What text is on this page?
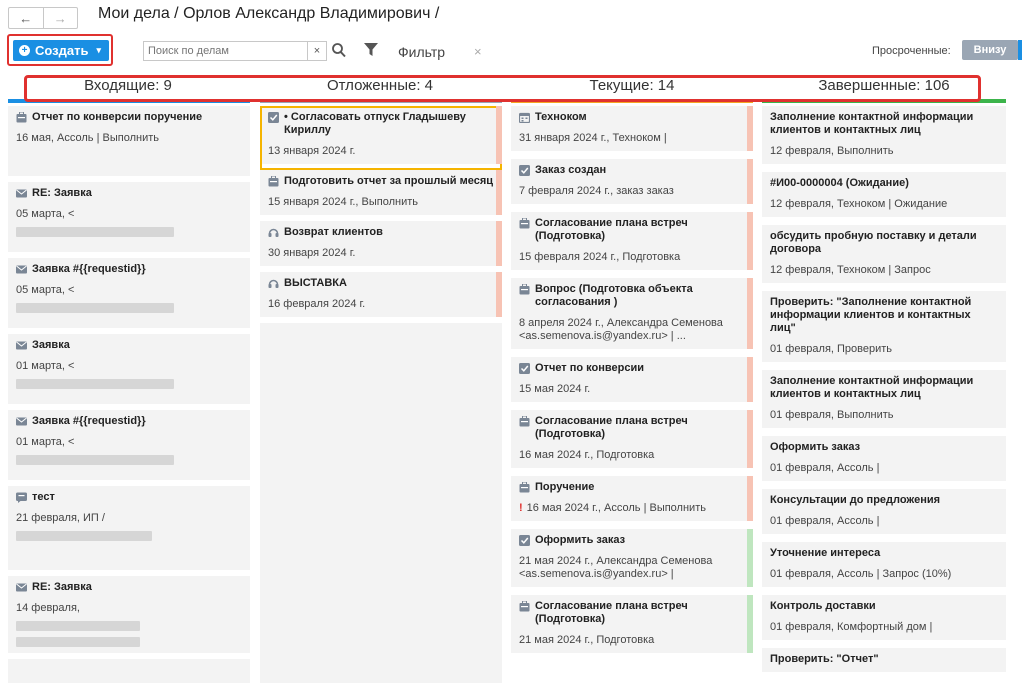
←	→	Мои дела / Орлов Александр Владимирович /
+ Создать ▾
Поиск по делам	×	Фильтр ×	Просроченные:	Внизу
Входящие: 9	Отложенные: 4	Текущие: 14	Завершенные: 106
Отчет по конверсии поручение
16 мая, Ассоль | Выполнить
RE: Заявка
05 марта, <
Заявка #{{requestid}}
05 марта, <
Заявка
01 марта, <
Заявка #{{requestid}}
01 марта, <
тест
21 февраля, ИП /
RE: Заявка
14 февраля,
• Согласовать отпуск Гладышеву Кириллу
13 января 2024 г.
Подготовить отчет за прошлый месяц
15 января 2024 г., Выполнить
Возврат клиентов
30 января 2024 г.
ВЫСТАВКА
16 февраля 2024 г.
Техноком
31 января 2024 г., Техноком |
Заказ создан
7 февраля 2024 г., заказ заказ
Согласование плана встреч (Подготовка)
15 февраля 2024 г., Подготовка
Вопрос (Подготовка объекта согласования )
8 апреля 2024 г., Александра Семенова <as.semenova.is@yandex.ru> | ...
Отчет по конверсии
15 мая 2024 г.
Согласование плана встреч (Подготовка)
16 мая 2024 г., Подготовка
Поручение
! 16 мая 2024 г., Ассоль | Выполнить
Оформить заказ
21 мая 2024 г., Александра Семенова <as.semenova.is@yandex.ru> |
Согласование плана встреч (Подготовка)
21 мая 2024 г., Подготовка
Заполнение контактной информации клиентов и контактных лиц
12 февраля, Выполнить
#И00-0000004 (Ожидание)
12 февраля, Техноком | Ожидание
обсудить пробную поставку и детали договора
12 февраля, Техноком | Запрос
Проверить: "Заполнение контактной информации клиентов и контактных лиц"
01 февраля, Проверить
Заполнение контактной информации клиентов и контактных лиц
01 февраля, Выполнить
Оформить заказ
01 февраля, Ассоль |
Консультации до предложения
01 февраля, Ассоль |
Уточнение интереса
01 февраля, Ассоль | Запрос (10%)
Контроль доставки
01 февраля, Комфортный дом |
Проверить: "Отчет"
